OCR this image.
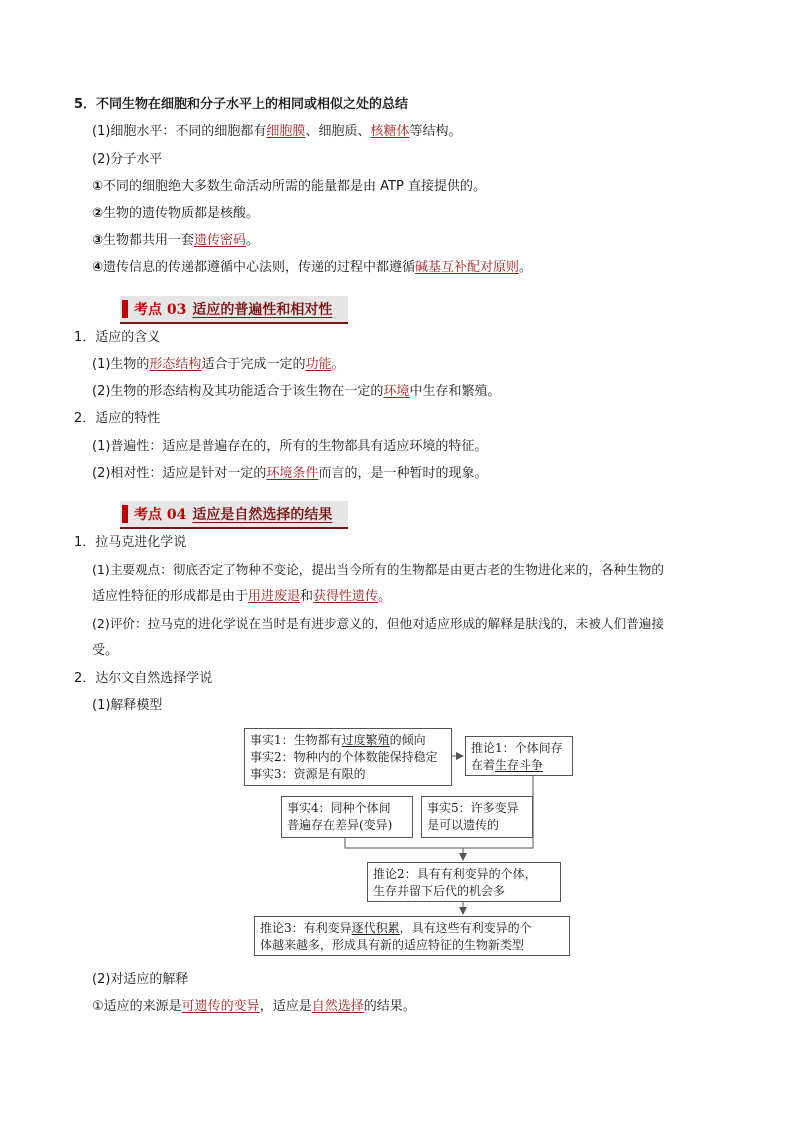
5．不同生物在细胞和分子水平上的相同或相似之处的总结
(1)细胞水平：不同的细胞都有细胞膜、细胞质、核糖体等结构。
(2)分子水平
①不同的细胞绝大多数生命活动所需的能量都是由 ATP 直接提供的。
②生物的遗传物质都是核酸。
③生物都共用一套遗传密码。
④遗传信息的传递都遵循中心法则，传递的过程中都遵循碱基互补配对原则。
考点 03 适应的普遍性和相对性
1．适应的含义
(1)生物的形态结构适合于完成一定的功能。
(2)生物的形态结构及其功能适合于该生物在一定的环境中生存和繁殖。
2．适应的特性
(1)普遍性：适应是普遍存在的，所有的生物都具有适应环境的特征。
(2)相对性：适应是针对一定的环境条件而言的，是一种暂时的现象。
考点 04 适应是自然选择的结果
1．拉马克进化学说
(1)主要观点：彻底否定了物种不变论，提出当今所有的生物都是由更古老的生物进化来的，各种生物的
适应性特征的形成都是由于用进废退和获得性遗传。
(2)评价：拉马克的进化学说在当时是有进步意义的，但他对适应形成的解释是肤浅的，未被人们普遍接
受。
2．达尔文自然选择学说
(1)解释模型
事实1：生物都有过度繁殖的倾向
事实2：物种内的个体数能保持稳定
事实3：资源是有限的
推论1：个体间存
在着生存斗争
事实4：同种个体间
普遍存在差异(变异)
事实5：许多变异
是可以遗传的
推论2：具有有利变异的个体，
生存并留下后代的机会多
推论3：有利变异逐代积累，具有这些有利变异的个
体越来越多，形成具有新的适应特征的生物新类型
(2)对适应的解释
①适应的来源是可遗传的变异，适应是自然选择的结果。
